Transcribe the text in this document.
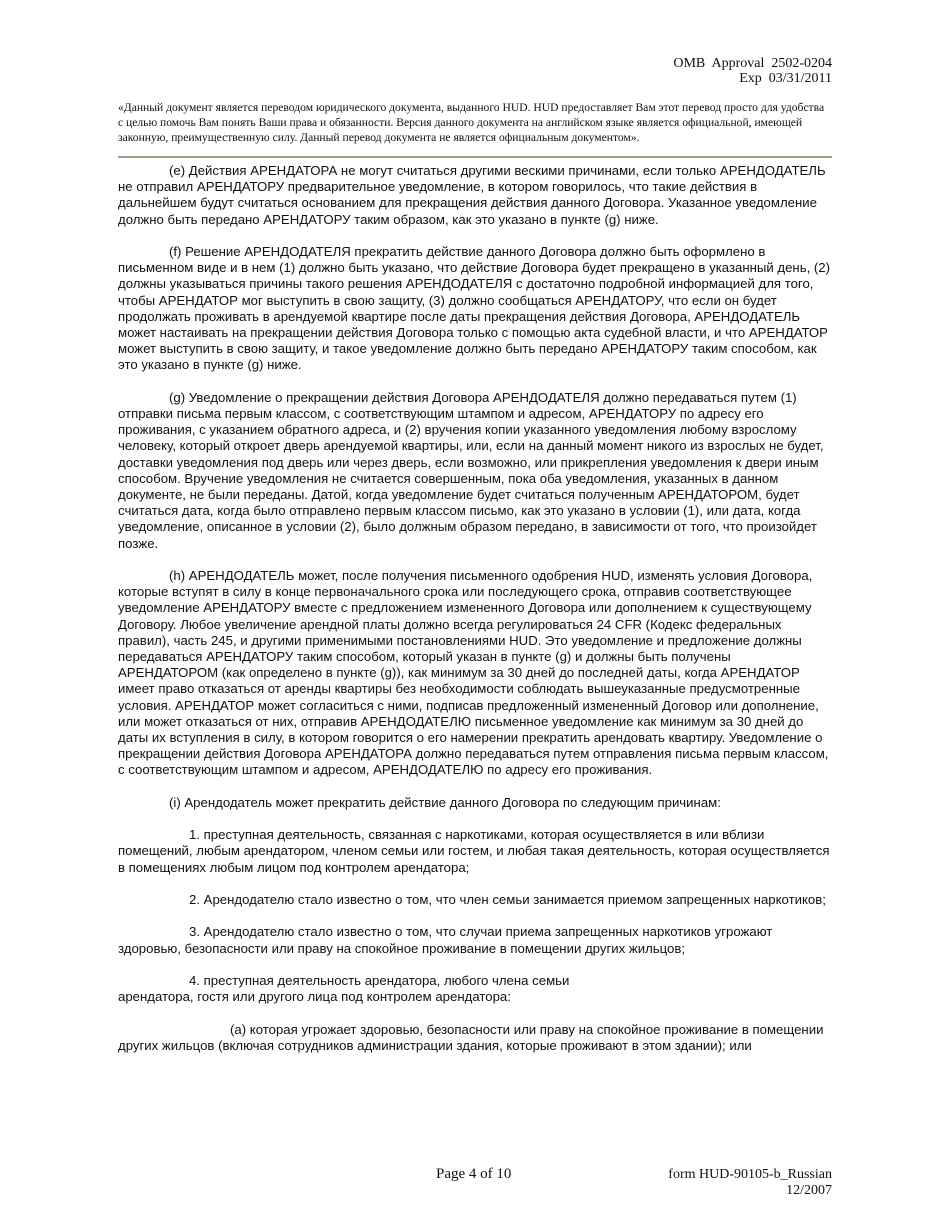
OMB  Approval  2502-0204
Exp  03/31/2011
«Данный документ является переводом юридического документа, выданного HUD. HUD предоставляет Вам этот перевод просто для удобства с целью помочь Вам понять Ваши права и обязанности. Версия данного документа на английском языке является официальной, имеющей законную, преимущественную силу. Данный перевод документа не является официальным документом».

(e) Действия АРЕНДАТОРА не могут считаться другими вескими причинами, если только АРЕНДОДАТЕЛЬ не отправил АРЕНДАТОРУ предварительное уведомление, в котором говорилось, что такие действия в дальнейшем будут считаться основанием для прекращения действия данного Договора. Указанное уведомление должно быть передано АРЕНДАТОРУ таким образом, как это указано в пункте (g) ниже.

(f) Решение АРЕНДОДАТЕЛЯ прекратить действие данного Договора должно быть оформлено в письменном виде и в нем (1) должно быть указано, что действие Договора будет прекращено в указанный день, (2) должны указываться причины такого решения АРЕНДОДАТЕЛЯ с достаточно подробной информацией для того, чтобы АРЕНДАТОР мог выступить в свою защиту, (3) должно сообщаться АРЕНДАТОРУ, что если он будет продолжать проживать в арендуемой квартире после даты прекращения действия Договора, АРЕНДОДАТЕЛЬ может настаивать на прекращении действия Договора только с помощью акта судебной власти, и что АРЕНДАТОР может выступить в свою защиту, и такое уведомление должно быть передано АРЕНДАТОРУ таким способом, как это указано в пункте (g) ниже.

(g) Уведомление о прекращении действия Договора АРЕНДОДАТЕЛЯ должно передаваться путем (1) отправки письма первым классом, с соответствующим штампом и адресом, АРЕНДАТОРУ по адресу его проживания, с указанием обратного адреса, и (2) вручения копии указанного уведомления любому взрослому человеку, который откроет дверь арендуемой квартиры, или, если на данный момент никого из взрослых не будет, доставки уведомления под дверь или через дверь, если возможно, или прикрепления уведомления к двери иным способом. Вручение уведомления не считается совершенным, пока оба уведомления, указанных в данном документе, не были переданы. Датой, когда уведомление будет считаться полученным АРЕНДАТОРОМ, будет считаться дата, когда было отправлено первым классом письмо, как это указано в условии (1), или дата, когда уведомление, описанное в условии (2), было должным образом передано, в зависимости от того, что произойдет позже.

(h) АРЕНДОДАТЕЛЬ может, после получения письменного одобрения HUD, изменять условия Договора, которые вступят в силу в конце первоначального срока или последующего срока, отправив соответствующее уведомление АРЕНДАТОРУ вместе с предложением измененного Договора или дополнением к существующему Договору. Любое увеличение арендной платы должно всегда регулироваться 24 CFR (Кодекс федеральных правил), часть 245, и другими применимыми постановлениями HUD. Это уведомление и предложение должны передаваться АРЕНДАТОРУ таким способом, который указан в пункте (g) и должны быть получены АРЕНДАТОРОМ (как определено в пункте (g)), как минимум за 30 дней до последней даты, когда АРЕНДАТОР имеет право отказаться от аренды квартиры без необходимости соблюдать вышеуказанные предусмотренные условия. АРЕНДАТОР может согласиться с ними, подписав предложенный измененный Договор или дополнение, или может отказаться от них, отправив АРЕНДОДАТЕЛЮ письменное уведомление как минимум за 30 дней до даты их вступления в силу, в котором говорится о его намерении прекратить арендовать квартиру. Уведомление о прекращении действия Договора АРЕНДАТОРА должно передаваться путем отправления письма первым классом, с соответствующим штампом и адресом, АРЕНДОДАТЕЛЮ по адресу его проживания.

(i) Арендодатель может прекратить действие данного Договора по следующим причинам:

1. преступная деятельность, связанная с наркотиками, которая осуществляется в или вблизи помещений, любым арендатором, членом семьи или гостем, и любая такая деятельность, которая осуществляется в помещениях любым лицом под контролем арендатора;

2. Арендодателю стало известно о том, что член семьи занимается приемом запрещенных наркотиков;

3. Арендодателю стало известно о том, что случаи приема запрещенных наркотиков угрожают здоровью, безопасности или праву на спокойное проживание в помещении других жильцов;

4. преступная деятельность арендатора, любого члена семьи
арендатора, гостя или другого лица под контролем арендатора:

(a) которая угрожает здоровью, безопасности или праву на спокойное проживание в помещении других жильцов (включая сотрудников администрации здания, которые проживают в этом здании); или

Page 4 of 10	form HUD-90105-b_Russian
12/2007
